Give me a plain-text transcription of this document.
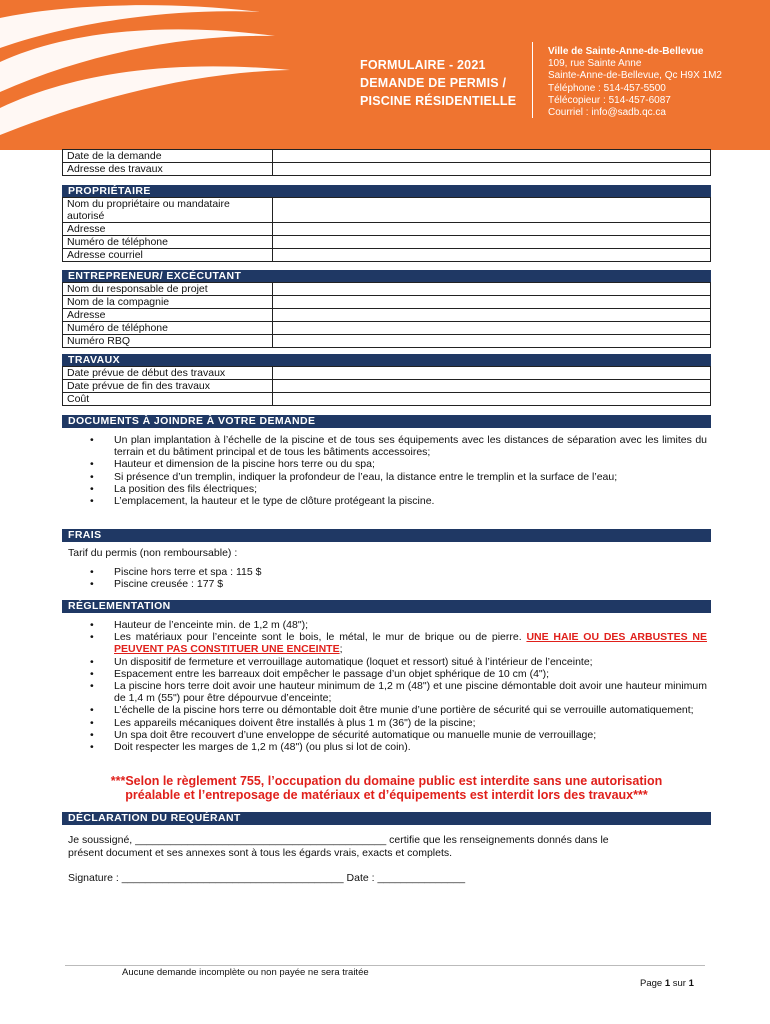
FORMULAIRE - 2021
DEMANDE DE PERMIS /
PISCINE RÉSIDENTIELLE
Ville de Sainte-Anne-de-Bellevue
109, rue Sainte Anne
Sainte-Anne-de-Bellevue, Qc H9X 1M2
Téléphone : 514-457-5500
Télécopieur : 514-457-6087
Courriel : info@sadb.qc.ca
Date de la demande	
Adresse des travaux	
PROPRIÉTAIRE
Nom du propriétaire ou mandataire autorisé	
Adresse	
Numéro de téléphone	
Adresse courriel	
ENTREPRENEUR/ EXCÉCUTANT
Nom du responsable de projet	
Nom de la compagnie	
Adresse	
Numéro de téléphone	
Numéro RBQ	
TRAVAUX
Date prévue de début des travaux	
Date prévue de fin des travaux	
Coût	
DOCUMENTS À JOINDRE À VOTRE DEMANDE
• Un plan implantation à l’échelle de la piscine et de tous ses équipements avec les distances de séparation avec les limites du terrain et du bâtiment principal et de tous les bâtiments accessoires;
• Hauteur et dimension de la piscine hors terre ou du spa;
• Si présence d’un tremplin, indiquer la profondeur de l’eau, la distance entre le tremplin et la surface de l’eau;
• La position des fils électriques;
• L’emplacement, la hauteur et le type de clôture protégeant la piscine.
FRAIS
Tarif du permis (non remboursable) :
• Piscine hors terre et spa : 115 $
• Piscine creusée : 177 $
RÉGLEMENTATION
• Hauteur de l’enceinte min. de 1,2 m (48");
• Les matériaux pour l’enceinte sont le bois, le métal, le mur de brique ou de pierre. UNE HAIE OU DES ARBUSTES NE PEUVENT PAS CONSTITUER UNE ENCEINTE;
• Un dispositif de fermeture et verrouillage automatique (loquet et ressort) situé à l’intérieur de l’enceinte;
• Espacement entre les barreaux doit empêcher le passage d’un objet sphérique de 10 cm (4");
• La piscine hors terre doit avoir une hauteur minimum de 1,2 m (48") et une piscine démontable doit avoir une hauteur minimum de 1,4 m (55") pour être dépourvue d’enceinte;
• L’échelle de la piscine hors terre ou démontable doit être munie d’une portière de sécurité qui se verrouille automatiquement;
• Les appareils mécaniques doivent être installés à plus 1 m (36") de la piscine;
• Un spa doit être recouvert d’une enveloppe de sécurité automatique ou manuelle munie de verrouillage;
• Doit respecter les marges de 1,2 m (48") (ou plus si lot de coin).
***Selon le règlement 755, l’occupation du domaine public est interdite sans une autorisation
préalable et l’entreposage de matériaux et d’équipements est interdit lors des travaux***
DÉCLARATION DU REQUÉRANT
Je soussigné, ___________________________________________ certifie que les renseignements donnés dans le
présent document et ses annexes sont à tous les égards vrais, exacts et complets.
Signature : ______________________________________ Date : _______________
Aucune demande incomplète ou non payée ne sera traitée
Page 1 sur 1
